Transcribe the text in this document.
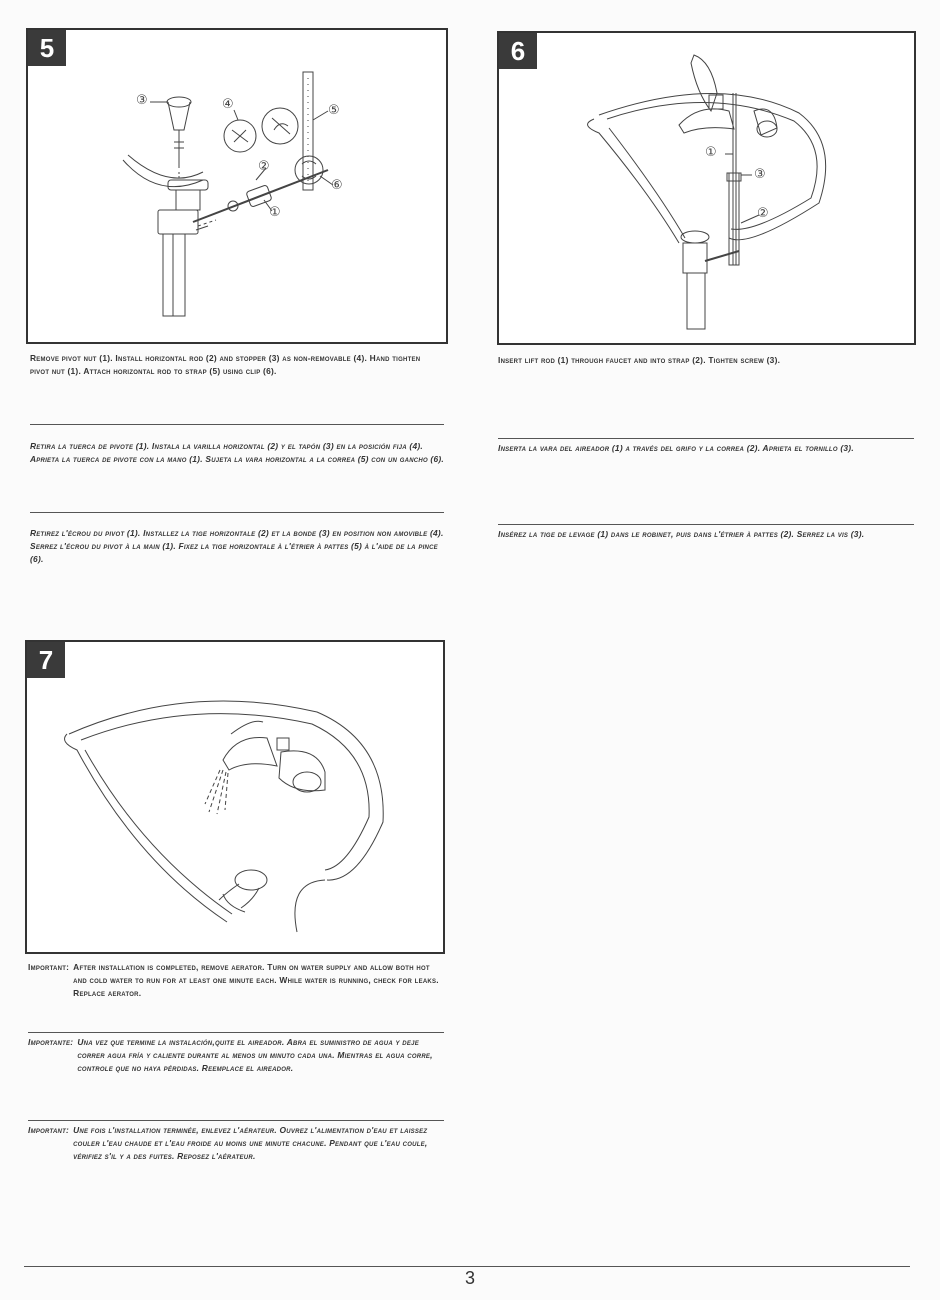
5
③	④	⑤
⑥
②
①
Remove pivot nut (1). Install horizontal rod (2) and stopper (3) as non-removable (4). Hand tighten pivot nut (1). Attach horizontal rod to strap (5) using clip (6).
Retira la tuerca de pivote (1). Instala la varilla horizontal (2) y el tapón (3) en la posición fija (4). Aprieta la tuerca de pivote con la mano (1). Sujeta la vara horizontal a la correa (5) con un gancho (6).
Retirez l'écrou du pivot (1). Installez la tige horizontale (2) et la bonde (3) en position non amovible (4). Serrez l'écrou du pivot à la main (1). Fixez la tige horizontale à l'étrier à pattes (5) à l'aide de la pince (6).
6
①
③
②
Insert lift rod (1) through faucet and into strap (2). Tighten screw (3).
Inserta la vara del aireador (1) a través del grifo y la correa (2). Aprieta el tornillo (3).
Insérez la tige de levage (1) dans le robinet, puis dans l'étrier à pattes (2). Serrez la vis (3).
7
Important: After installation is completed, remove aerator. Turn on water supply and allow both hot and cold water to run for at least one minute each. While water is running, check for leaks. Replace aerator.
Importante: Una vez que termine la instalación,quite el aireador. Abra el suministro de agua y deje correr agua fría y caliente durante al menos un minuto cada una. Mientras el agua corre, controle que no haya pérdidas. Reemplace el aireador.
Important: Une fois l'installation terminée, enlevez l'aérateur. Ouvrez l'alimentation d'eau et laissez couler l'eau chaude et l'eau froide au moins une minute chacune. Pendant que l'eau coule, vérifiez s'il y a des fuites. Reposez l'aérateur.
3
